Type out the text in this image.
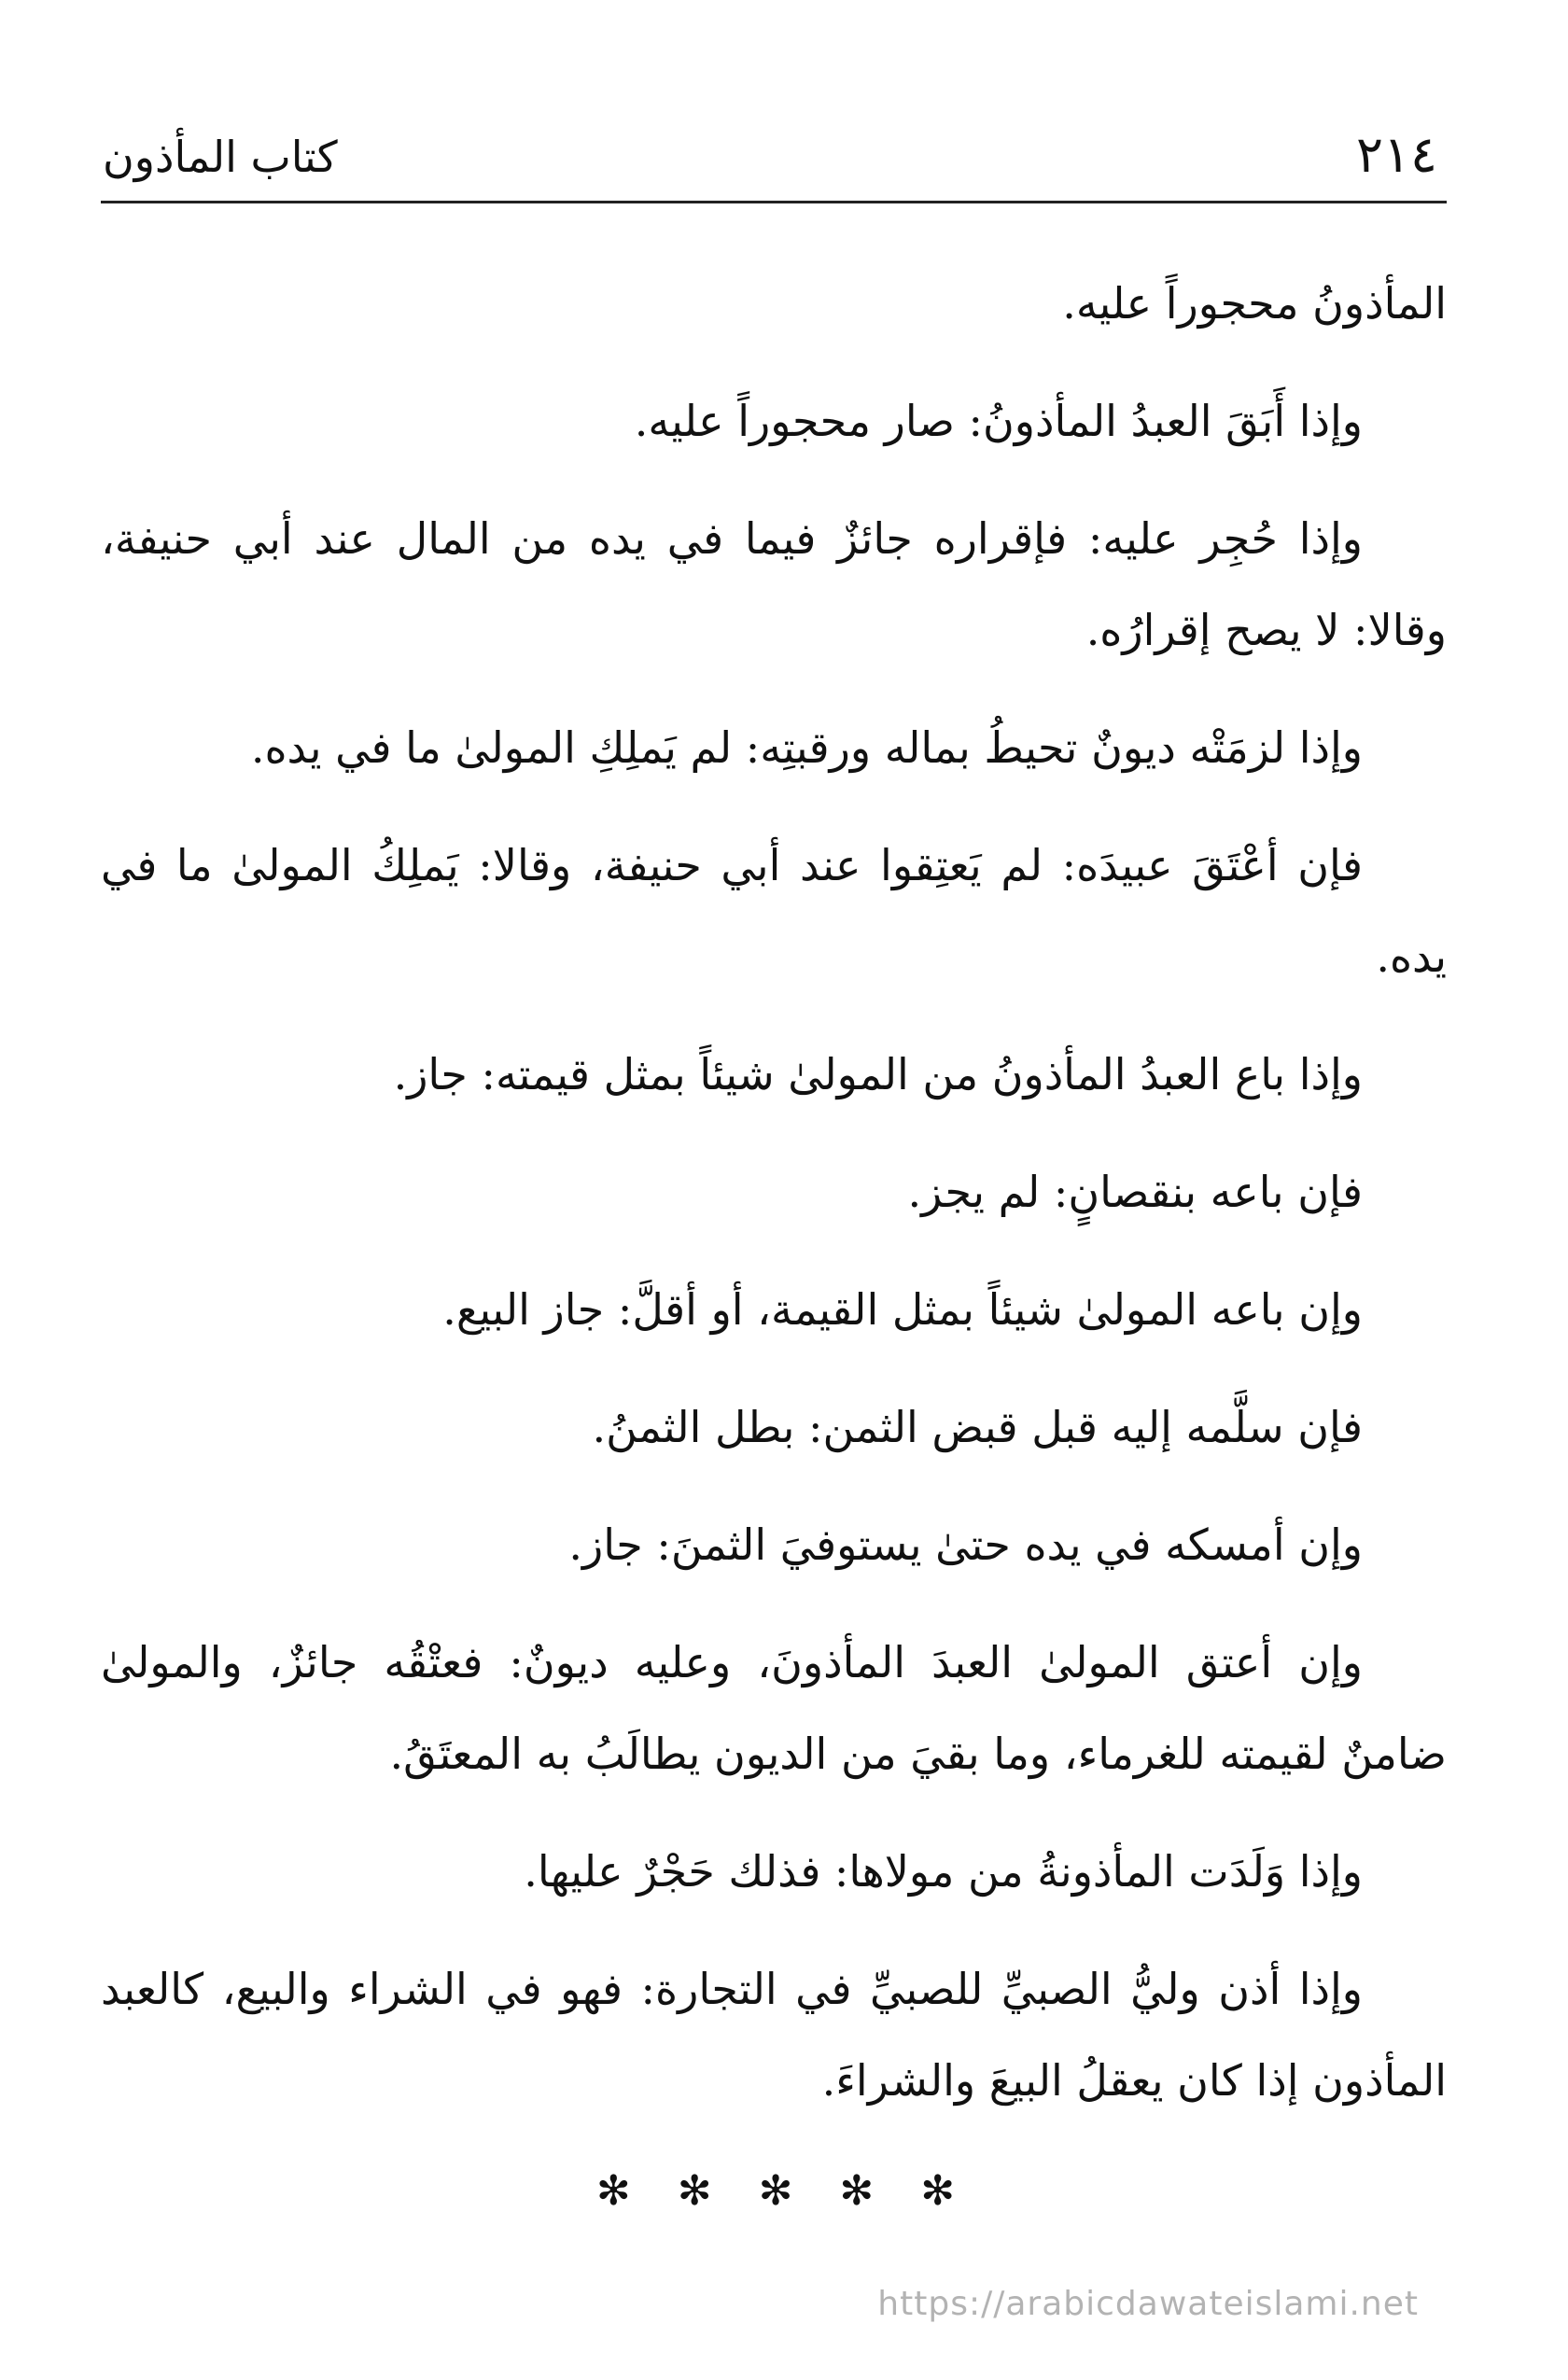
كتاب المأذون	٢١٤

المأذونُ محجوراً عليه.

وإذا أَبَقَ العبدُ المأذونُ: صار محجوراً عليه.

وإذا حُجِر عليه: فإقراره جائزٌ فيما في يده من المال عند أبي حنيفة، وقالا: لا يصح إقرارُه.

وإذا لزمَتْه ديونٌ تحيطُ بماله ورقبتِه: لم يَملِكِ المولىٰ ما في يده.

فإن أعْتَقَ عبيدَه: لم يَعتِقوا عند أبي حنيفة، وقالا: يَملِكُ المولىٰ ما في يده.

وإذا باع العبدُ المأذونُ من المولىٰ شيئاً بمثل قيمته: جاز.

فإن باعه بنقصانٍ: لم يجز.

وإن باعه المولىٰ شيئاً بمثل القيمة، أو أقلَّ: جاز البيع.

فإن سلَّمه إليه قبل قبض الثمن: بطل الثمنُ.

وإن أمسكه في يده حتىٰ يستوفيَ الثمنَ: جاز.

وإن أعتق المولىٰ العبدَ المأذونَ، وعليه ديونٌ: فعتْقُه جائزٌ، والمولىٰ ضامنٌ لقيمته للغرماء، وما بقيَ من الديون يطالَبُ به المعتَقُ.

وإذا وَلَدَت المأذونةُ من مولاها: فذلك حَجْرٌ عليها.

وإذا أذن وليُّ الصبيِّ للصبيِّ في التجارة: فهو في الشراء والبيع، كالعبد المأذون إذا كان يعقلُ البيعَ والشراءَ.

✻ ✻ ✻ ✻ ✻
https://arabicdawateislami.net
